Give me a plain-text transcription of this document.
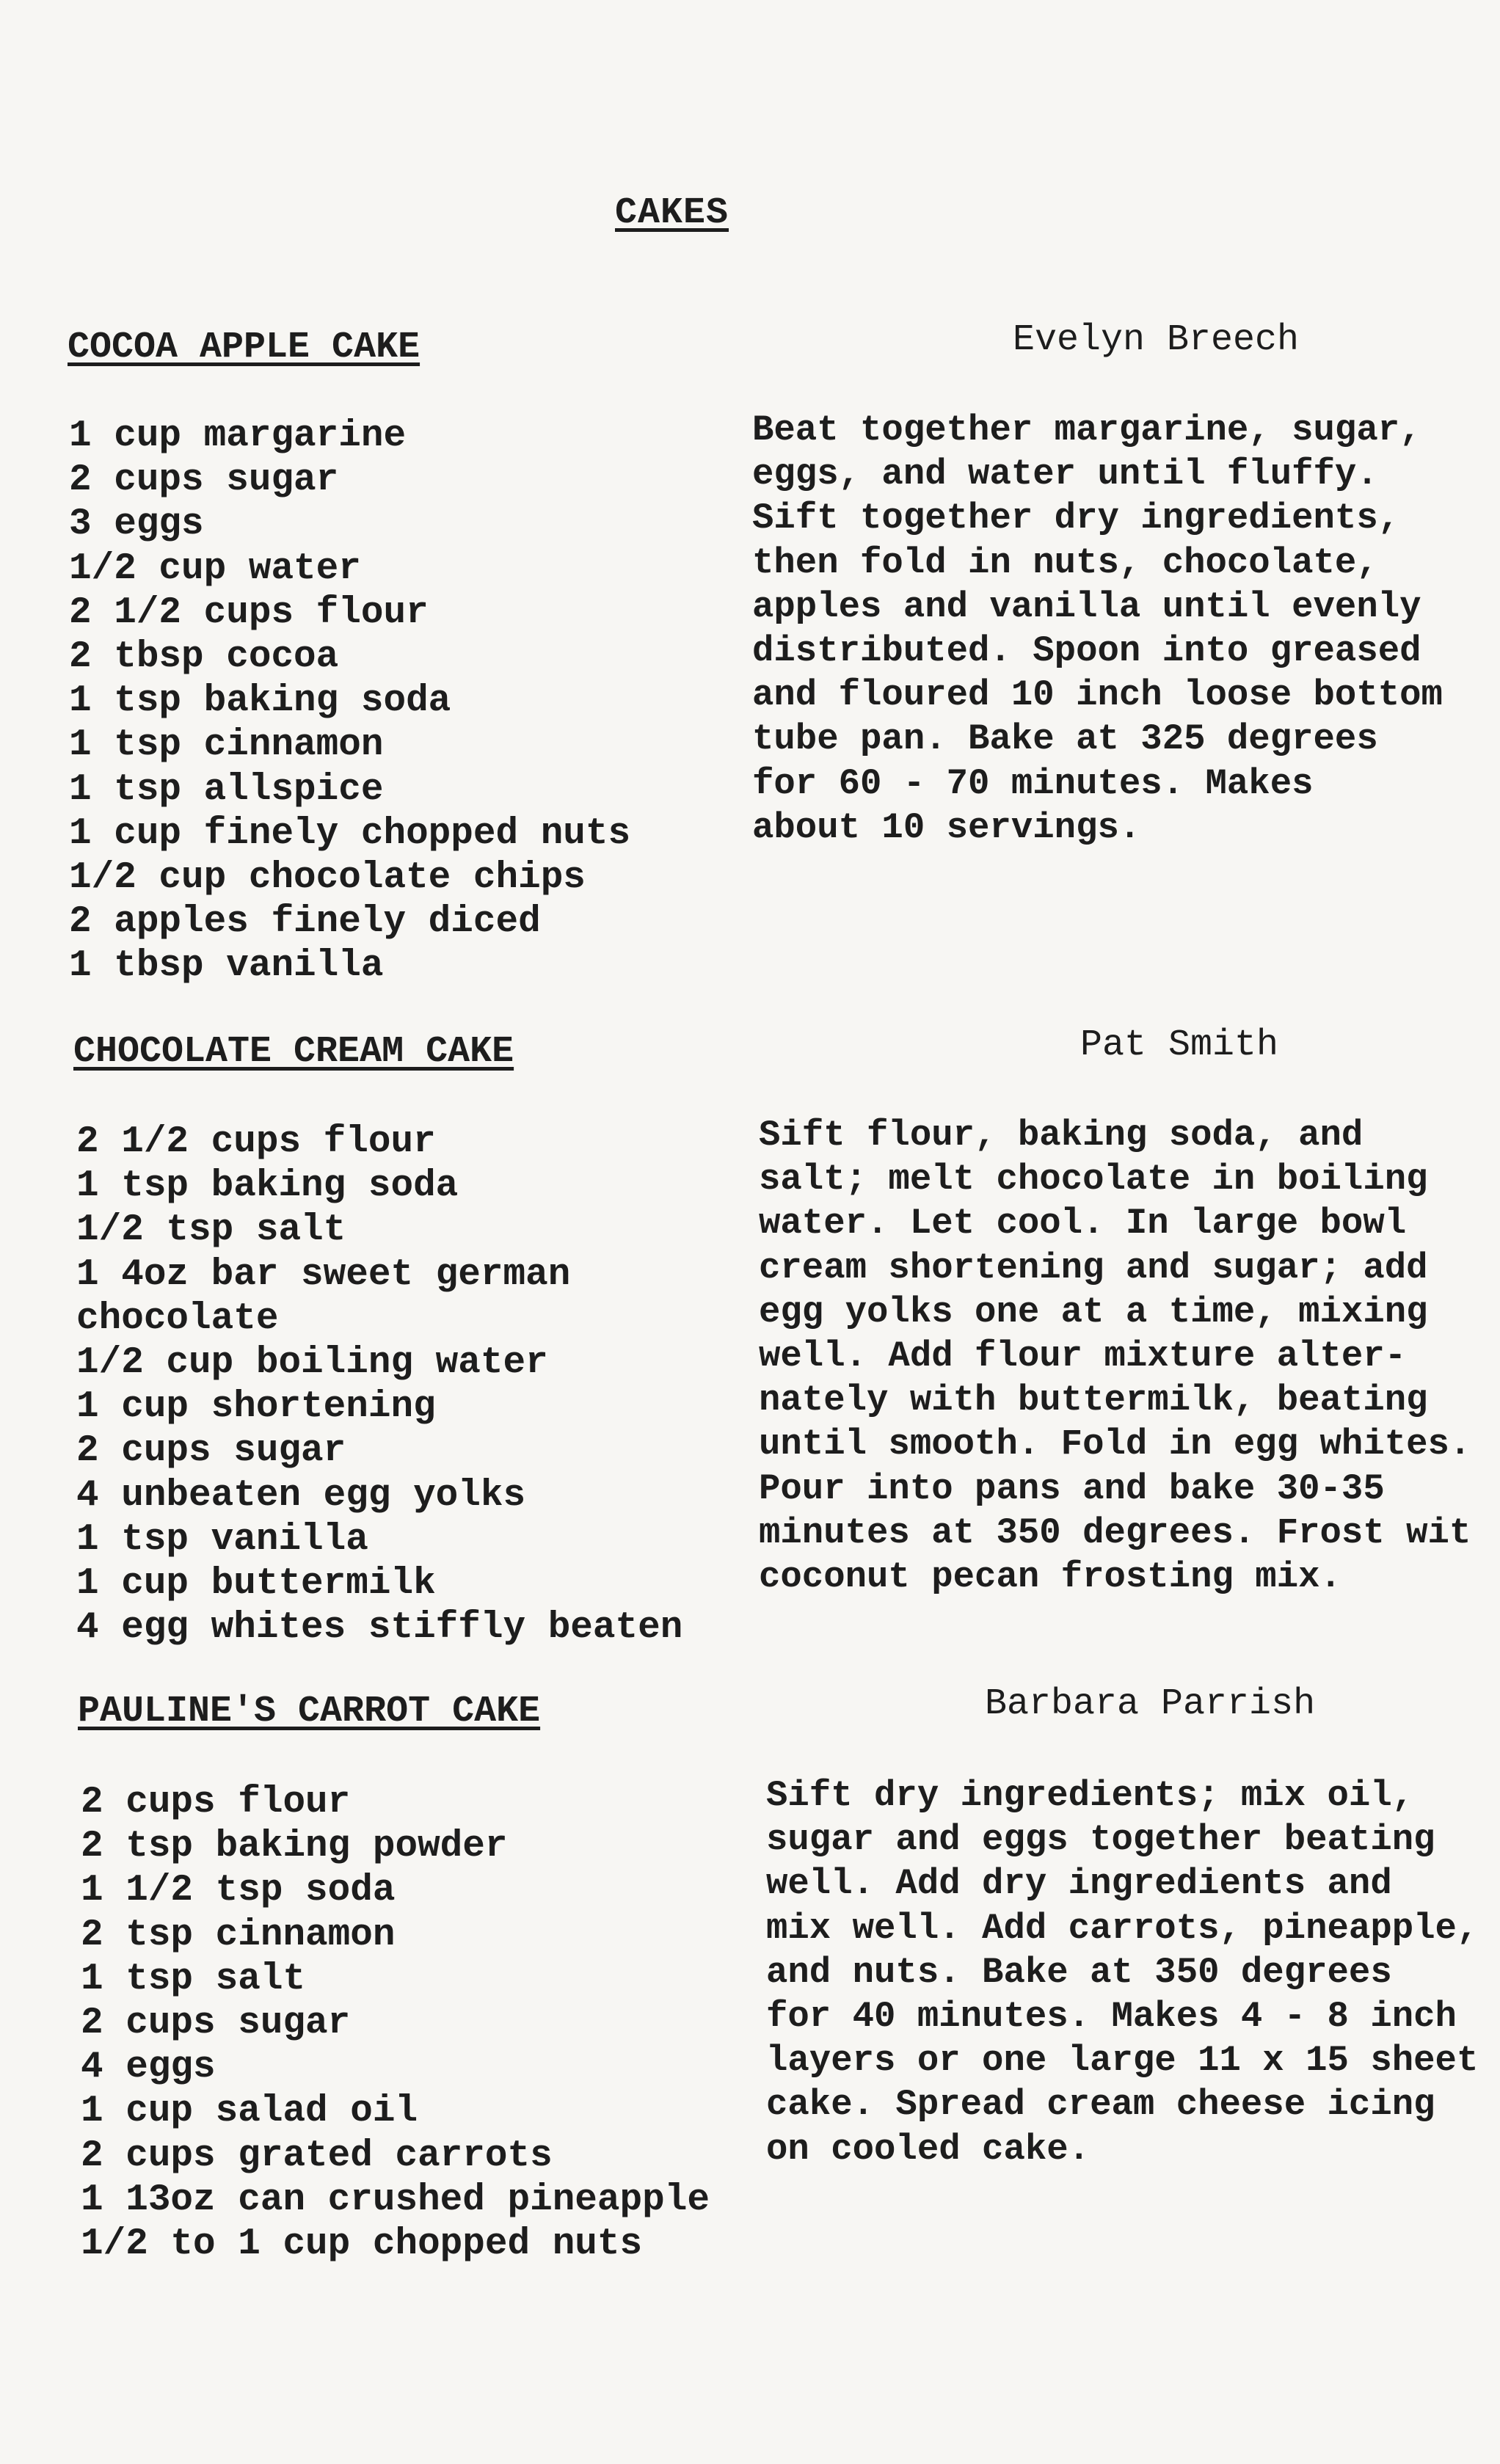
CAKES
COCOA APPLE CAKE	Evelyn Breech
1 cup margarine
2 cups sugar
3 eggs
1/2 cup water
2 1/2 cups flour
2 tbsp cocoa
1 tsp baking soda
1 tsp cinnamon
1 tsp allspice
1 cup finely chopped nuts
1/2 cup chocolate chips
2 apples finely diced
1 tbsp vanilla
Beat together margarine, sugar,
eggs, and water until fluffy.
Sift together dry ingredients,
then fold in nuts, chocolate,
apples and vanilla until evenly
distributed. Spoon into greased
and floured 10 inch loose bottom
tube pan. Bake at 325 degrees
for 60 - 70 minutes. Makes
about 10 servings.
CHOCOLATE CREAM CAKE	Pat Smith
2 1/2 cups flour
1 tsp baking soda
1/2 tsp salt
1 4oz bar sweet german
chocolate
1/2 cup boiling water
1 cup shortening
2 cups sugar
4 unbeaten egg yolks
1 tsp vanilla
1 cup buttermilk
4 egg whites stiffly beaten
Sift flour, baking soda, and
salt; melt chocolate in boiling
water. Let cool. In large bowl
cream shortening and sugar; add
egg yolks one at a time, mixing
well. Add flour mixture alter-
nately with buttermilk, beating
until smooth. Fold in egg whites.
Pour into pans and bake 30-35
minutes at 350 degrees. Frost wit
coconut pecan frosting mix.
PAULINE'S CARROT CAKE	Barbara Parrish
2 cups flour
2 tsp baking powder
1 1/2 tsp soda
2 tsp cinnamon
1 tsp salt
2 cups sugar
4 eggs
1 cup salad oil
2 cups grated carrots
1 13oz can crushed pineapple
1/2 to 1 cup chopped nuts
Sift dry ingredients; mix oil,
sugar and eggs together beating
well. Add dry ingredients and
mix well. Add carrots, pineapple,
and nuts. Bake at 350 degrees
for 40 minutes. Makes 4 - 8 inch
layers or one large 11 x 15 sheet
cake. Spread cream cheese icing
on cooled cake.
